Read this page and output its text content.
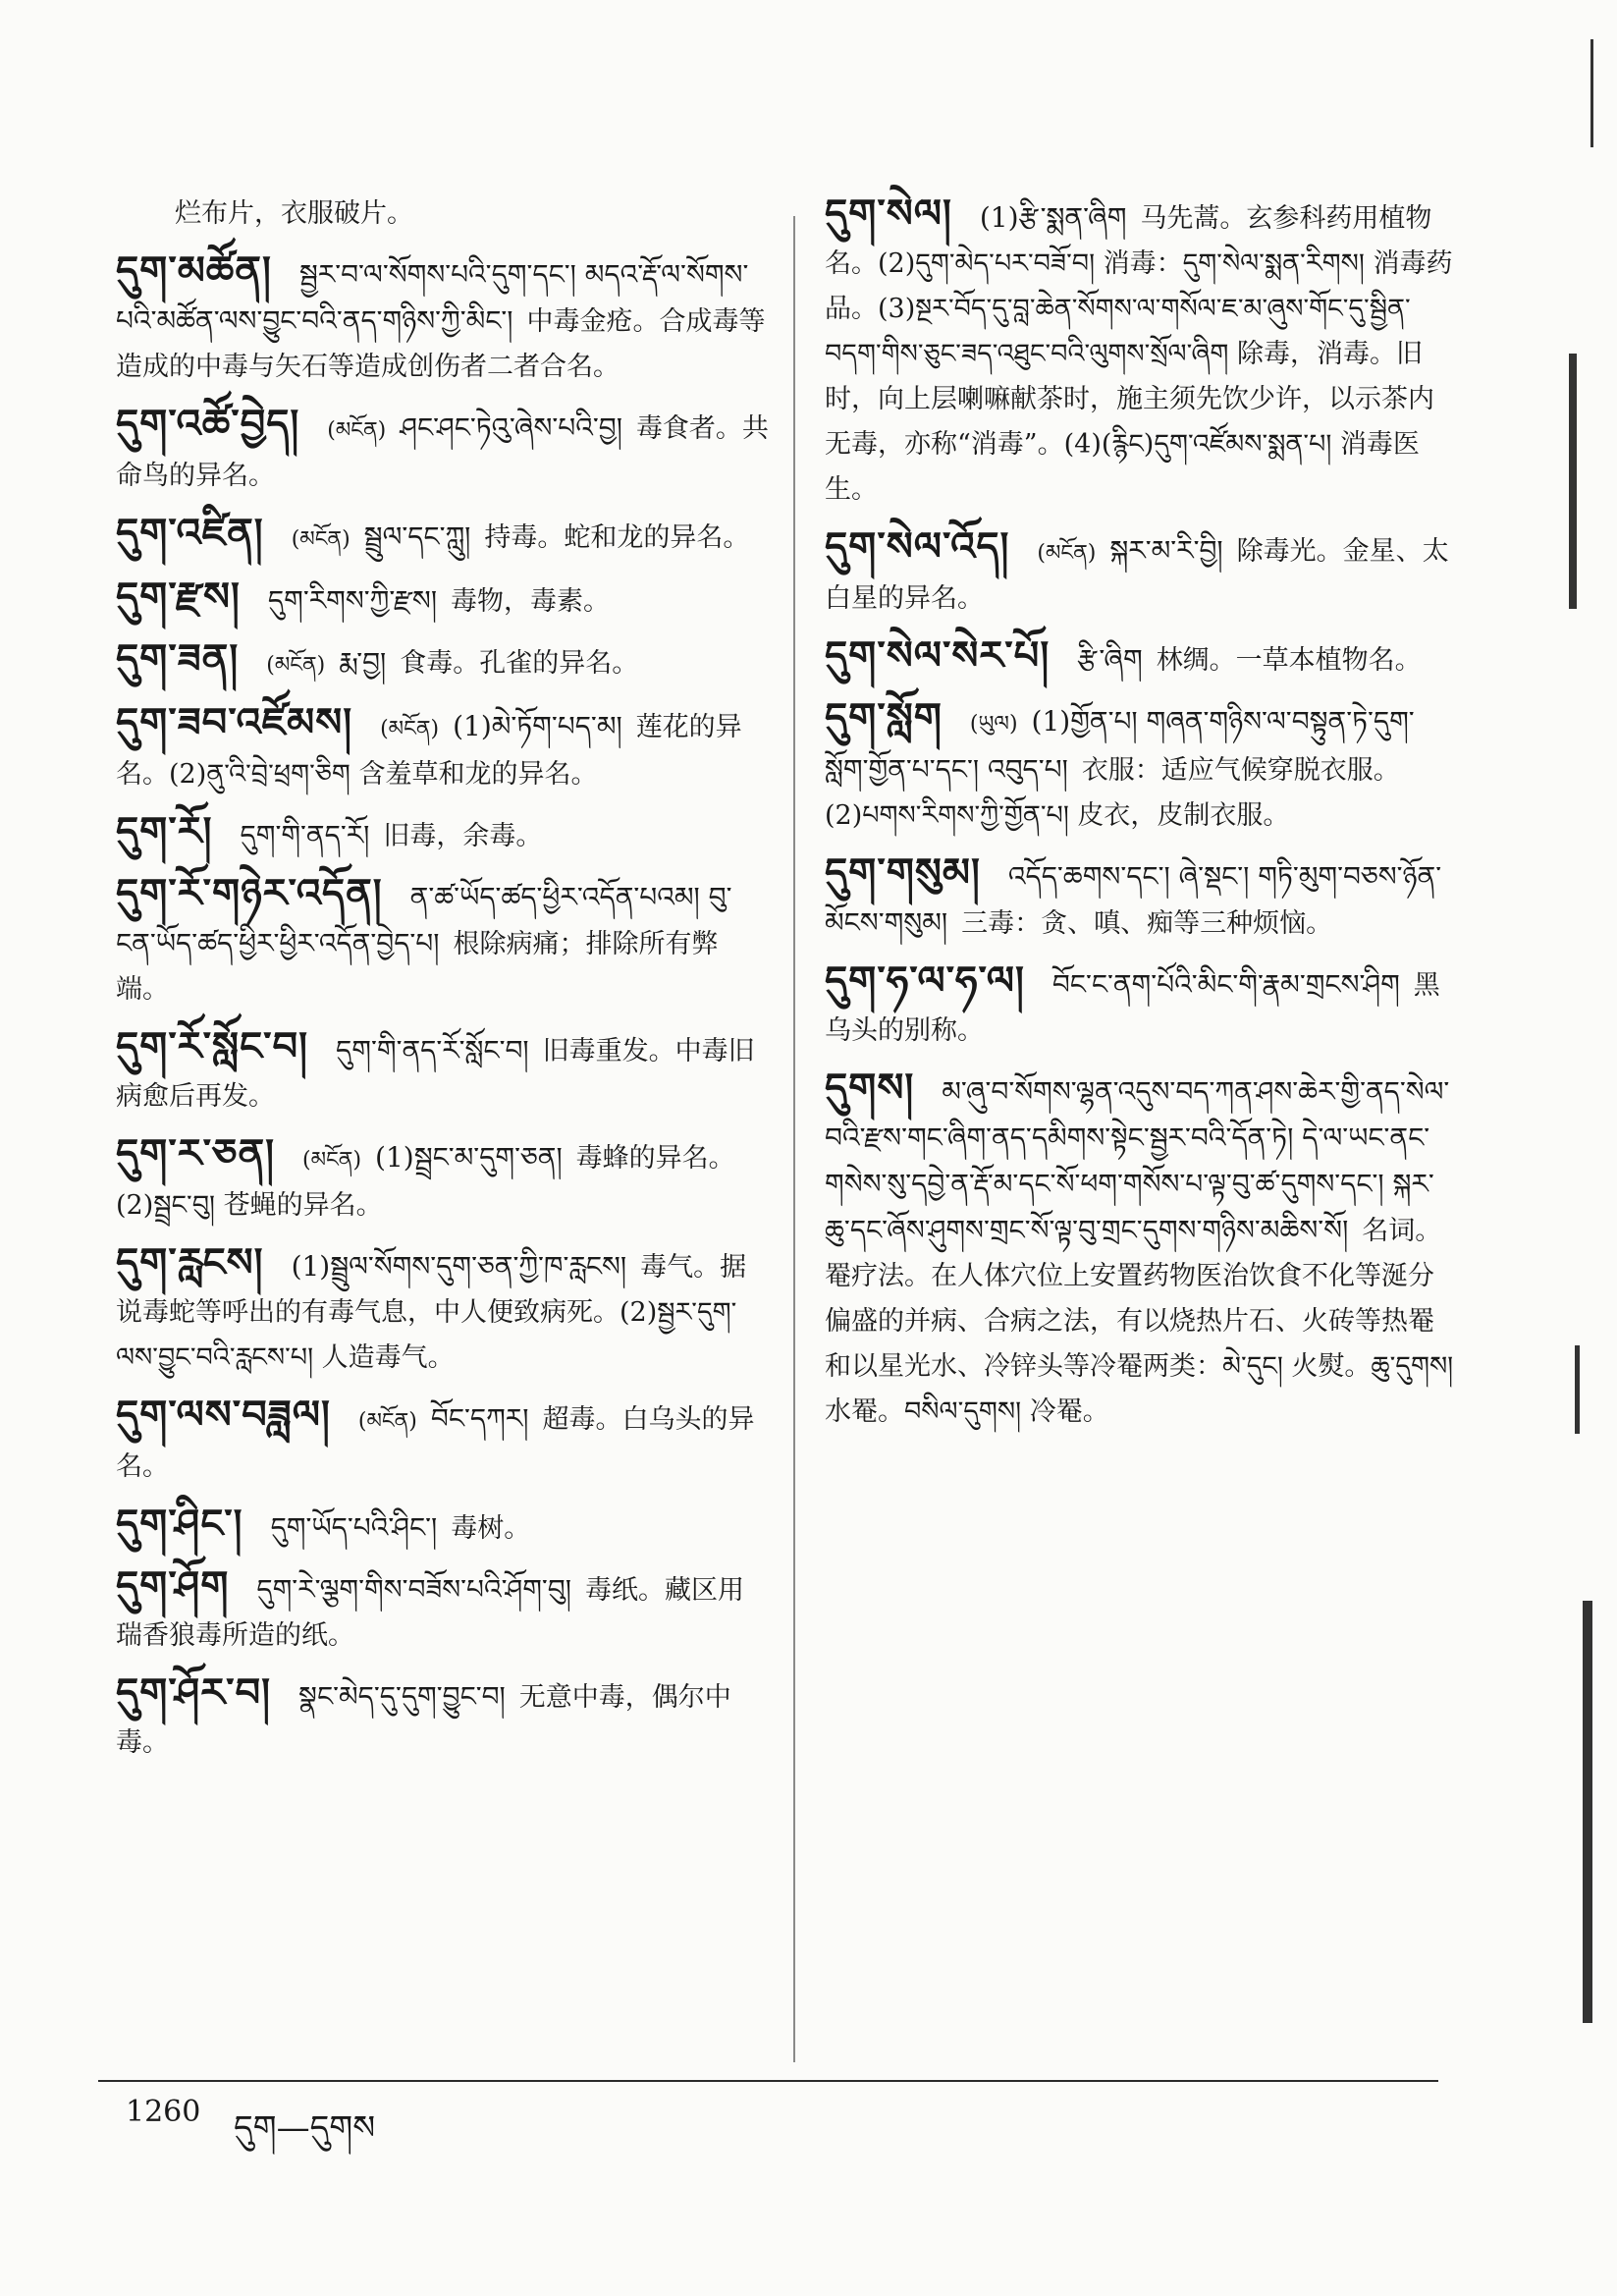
烂布片，衣服破片。
དུག་མཚོན། སྦྱར་བ་ལ་སོགས་པའི་དུག་དང་། མདའ་རྡོ་ལ་སོགས་པའི་མཚོན་ལས་བྱུང་བའི་ནད་གཉིས་ཀྱི་མིང་། 中毒金疮。合成毒等造成的中毒与矢石等造成创伤者二者合名。
དུག་འཚོ་བྱེད། (མངོན) ཤང་ཤང་ཏེའུ་ཞེས་པའི་བྱ། 毒食者。共命鸟的异名。
དུག་འཛིན། (མངོན) སྦྲུལ་དང་ཀླུ། 持毒。蛇和龙的异名。
དུག་རྫས། དུག་རིགས་ཀྱི་རྫས། 毒物，毒素。
དུག་ཟན། (མངོན) རྨ་བྱ། 食毒。孔雀的异名。
དུག་ཟབ་འཛོམས། (མངོན) (1)མེ་ཏོག་པད་མ། 莲花的异名。(2)ནུ་འི་བྲེ་ཕྲག་ཅིག 含羞草和龙的异名。
དུག་རོ། དུག་གི་ནད་རོ། 旧毒，余毒。
དུག་རོ་གཉེར་འདོན། ན་ཚ་ཡོད་ཚད་ཕྱིར་འདོན་པའམ། བུ་ངན་ཡོད་ཚད་ཕྱིར་ཕྱིར་འདོན་བྱེད་པ། 根除病痛；排除所有弊端。
དུག་རོ་སློང་བ། དུག་གི་ནད་རོ་སློང་བ། 旧毒重发。中毒旧病愈后再发。
དུག་ར་ཅན། (མངོན) (1)སྦྲང་མ་དུག་ཅན། 毒蜂的异名。(2)སྦྲང་བུ། 苍蝇的异名。
དུག་རླངས། (1)སྦྲུལ་སོགས་དུག་ཅན་ཀྱི་ཁ་རླངས། 毒气。据说毒蛇等呼出的有毒气息，中人便致病死。(2)སྦྱར་དུག་ལས་བྱུང་བའི་རླངས་པ། 人造毒气。
དུག་ལས་བཟླལ། (མངོན) བོང་དཀར། 超毒。白乌头的异名。
དུག་ཤིང་། དུག་ཡོད་པའི་ཤིང་། 毒树。
དུག་ཤོག དུག་རེ་ལྕག་གིས་བཟོས་པའི་ཤོག་བུ། 毒纸。藏区用瑞香狼毒所造的纸。
དུག་ཤོར་བ། སྣང་མེད་དུ་དུག་བྱུང་བ། 无意中毒，偶尔中毒。
དུག་སེལ། (1)རྩི་སྨན་ཞིག 马先蒿。玄参科药用植物名。(2)དུག་མེད་པར་བཟོ་བ། 消毒：དུག་སེལ་སྨན་རིགས། 消毒药品。(3)སྔར་བོད་དུ་བླ་ཆེན་སོགས་ལ་གསོལ་ཇ་མ་ཞུས་གོང་དུ་སྦྱིན་བདག་གིས་ཅུང་ཟད་འཐུང་བའི་ལུགས་སྲོལ་ཞིག 除毒，消毒。旧时，向上层喇嘛献茶时，施主须先饮少许，以示茶内无毒，亦称“消毒”。(4)(རྙིང)དུག་འཛོམས་སྨན་པ། 消毒医生。
དུག་སེལ་འོད། (མངོན) སྐར་མ་རི་བྱི། 除毒光。金星、太白星的异名。
དུག་སེལ་སེར་པོ། རྩི་ཞིག 林绸。一草本植物名。
དུག་སློག (ཡུལ) (1)གྱོན་པ། གཞན་གཉིས་ལ་བསྟུན་ཏེ་དུག་སློག་གྱོན་པ་དང་། འབུད་པ། 衣服：适应气候穿脱衣服。(2)པགས་རིགས་ཀྱི་གྱོན་པ། 皮衣，皮制衣服。
དུག་གསུམ། འདོད་ཆགས་དང་། ཞེ་སྡང་། གཏི་མུག་བཅས་ཉོན་མོངས་གསུམ། 三毒：贪、嗔、痴等三种烦恼。
དུག་ཧ་ལ་ཧ་ལ། བོང་ང་ནག་པོའི་མིང་གི་རྣམ་གྲངས་ཤིག 黑乌头的别称。
དུགས། མ་ཞུ་བ་སོགས་ལྷན་འདུས་བད་ཀན་ཤས་ཆེར་གྱི་ནད་སེལ་བའི་རྫས་གང་ཞིག་ནད་དམིགས་སྟེང་སྦྱར་བའི་དོན་ཏེ། དེ་ལ་ཡང་ནང་གསེས་སུ་དབྱེ་ན་རྡོ་མ་དང་སོ་ཕག་གསོས་པ་ལྟ་བུ་ཚ་དུགས་དང་། སྐར་ཆུ་དང་ཞོས་ཤུགས་གྲང་སོ་ལྟ་བུ་གྲང་དུགས་གཉིས་མཆིས་སོ། 名词。罨疗法。在人体穴位上安置药物医治饮食不化等涎分偏盛的并病、合病之法，有以烧热片石、火砖等热罨和以星光水、冷锌头等冷罨两类：མེ་དུང། 火熨。ཆུ་དུགས། 水罨。བསིལ་དུགས། 冷罨。
1260 དུག—དུགས
